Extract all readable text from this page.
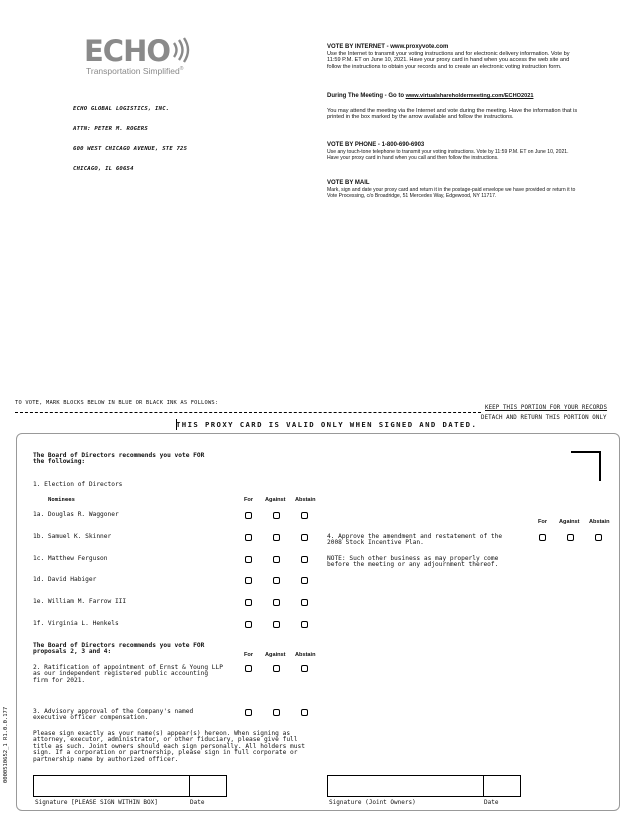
ECHO
Transportation Simplified®

ECHO GLOBAL LOGISTICS, INC.

ATTN: PETER M. ROGERS

600 WEST CHICAGO AVENUE, STE 725

CHICAGO, IL 60654

VOTE BY INTERNET - www.proxyvote.com
Use the Internet to transmit your voting instructions and for electronic delivery information. Vote by 11:59 P.M. ET on June 10, 2021. Have your proxy card in hand when you access the web site and follow the instructions to obtain your records and to create an electronic voting instruction form.
During The Meeting - Go to www.virtualshareholdermeeting.com/ECHO2021
You may attend the meeting via the Internet and vote during the meeting. Have the information that is printed in the box marked by the arrow available and follow the instructions.
VOTE BY PHONE - 1-800-690-6903
Use any touch-tone telephone to transmit your voting instructions. Vote by 11:59 P.M. ET on June 10, 2021. Have your proxy card in hand when you call and then follow the instructions.
VOTE BY MAIL
Mark, sign and date your proxy card and return it in the postage-paid envelope we have provided or return it to Vote Processing, c/o Broadridge, 51 Mercedes Way, Edgewood, NY 11717.
TO VOTE, MARK BLOCKS BELOW IN BLUE OR BLACK INK AS FOLLOWS:
KEEP THIS PORTION FOR YOUR RECORDS
DETACH AND RETURN THIS PORTION ONLY
THIS PROXY CARD IS VALID ONLY WHEN SIGNED AND DATED.
The Board of Directors recommends you vote FOR the following:
1. Election of Directors
Nominees	For Against Abstain
1a. Douglas R. Waggoner
1b. Samuel K. Skinner
1c. Matthew Ferguson
1d. David Habiger
1e. William M. Farrow III
1f. Virginia L. Henkels
The Board of Directors recommends you vote FOR proposals 2, 3 and 4:	For Against Abstain
2. Ratification of appointment of Ernst & Young LLP as our independent registered public accounting firm for 2021.
3. Advisory approval of the Company's named executive officer compensation.
For Against Abstain
4. Approve the amendment and restatement of the 2008 Stock Incentive Plan.
NOTE: Such other business as may properly come before the meeting or any adjournment thereof.
Please sign exactly as your name(s) appear(s) hereon. When signing as attorney, executor, administrator, or other fiduciary, please give full title as such. Joint owners should each sign personally. All holders must sign. If a corporation or partnership, please sign in full corporate or partnership name by authorized officer.
Signature [PLEASE SIGN WITHIN BOX]	Date	Signature (Joint Owners)	Date
0000510652_1 R1.0.0.177
